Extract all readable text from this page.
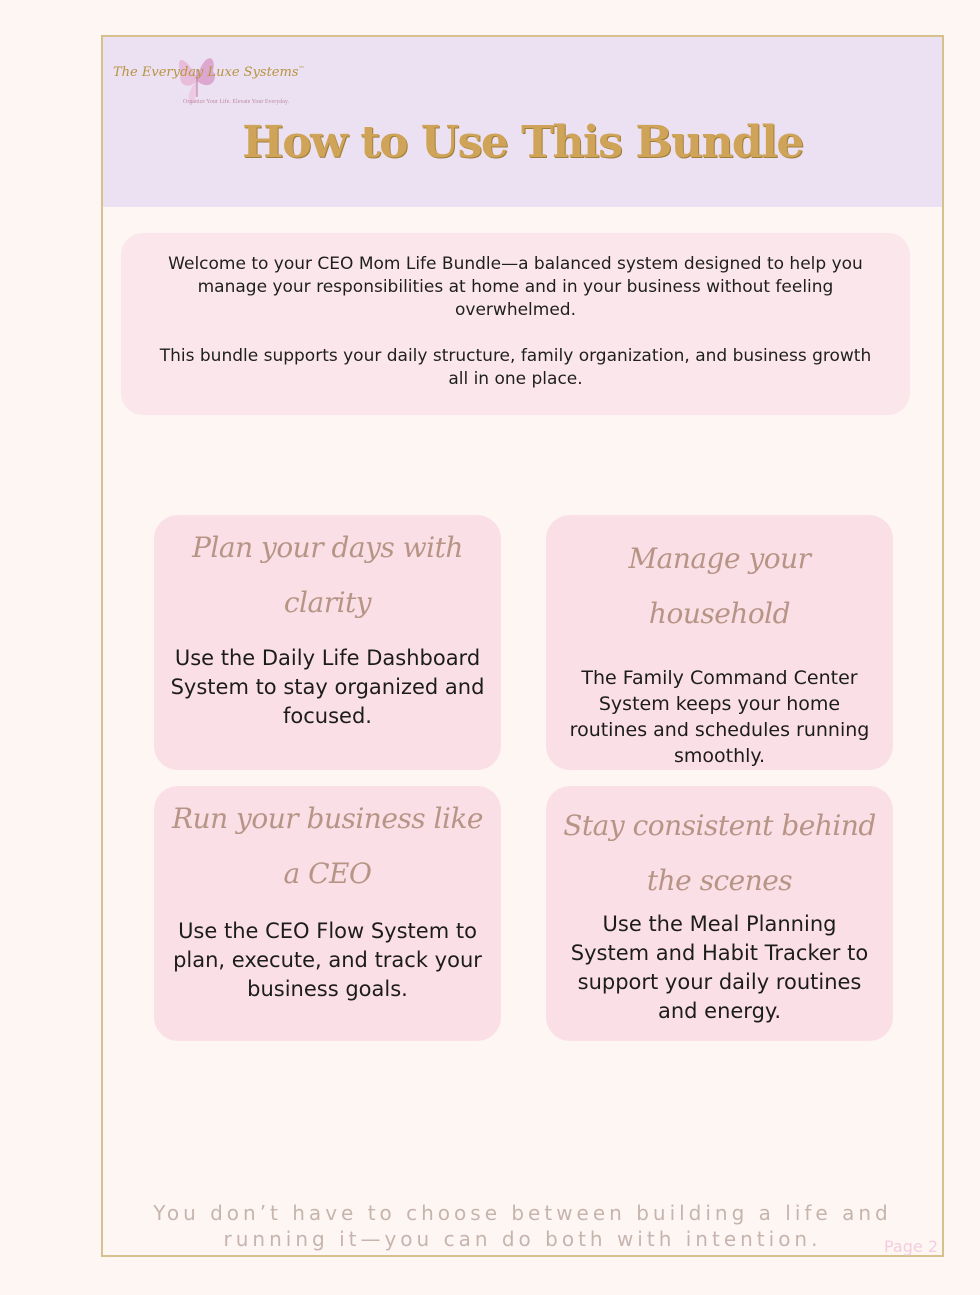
The Everyday Luxe Systems™
Organize Your Life. Elevate Your Everyday.
How to Use This Bundle

Welcome to your CEO Mom Life Bundle—a balanced system designed to help you manage your responsibilities at home and in your business without feeling overwhelmed.

This bundle supports your daily structure, family organization, and business growth all in one place.

Plan your days with clarity
Use the Daily Life Dashboard System to stay organized and focused.
Manage your household
The Family Command Center System keeps your home routines and schedules running smoothly.
Run your business like a CEO
Use the CEO Flow System to plan, execute, and track your business goals.
Stay consistent behind the scenes
Use the Meal Planning System and Habit Tracker to support your daily routines and energy.
You don’t have to choose between building a life and running it—you can do both with intention.	Page 2
